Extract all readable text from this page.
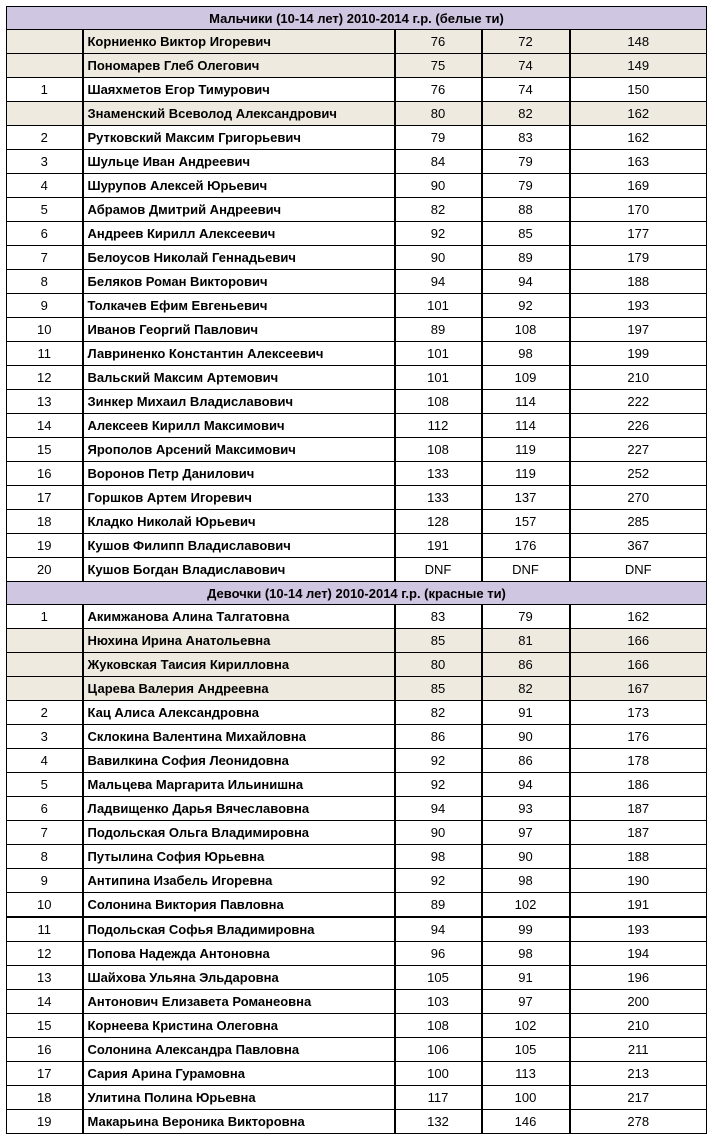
Мальчики (10-14 лет) 2010-2014 г.р. (белые ти)				
	Корниенко Виктор Игоревич	76	72	148
	Пономарев Глеб Олегович	75	74	149
1	Шаяхметов Егор Тимурович	76	74	150
	Знаменский Всеволод Александрович	80	82	162
2	Рутковский Максим Григорьевич	79	83	162
3	Шульце Иван Андреевич	84	79	163
4	Шурупов Алексей Юрьевич	90	79	169
5	Абрамов Дмитрий Андреевич	82	88	170
6	Андреев Кирилл Алексеевич	92	85	177
7	Белоусов Николай Геннадьевич	90	89	179
8	Беляков Роман Викторович	94	94	188
9	Толкачев Ефим Евгеньевич	101	92	193
10	Иванов Георгий Павлович	89	108	197
11	Лавриненко Константин Алексеевич	101	98	199
12	Вальский Максим Артемович	101	109	210
13	Зинкер Михаил Владиславович	108	114	222
14	Алексеев Кирилл Максимович	112	114	226
15	Ярополов Арсений Максимович	108	119	227
16	Воронов Петр Данилович	133	119	252
17	Горшков Артем Игоревич	133	137	270
18	Кладко Николай Юрьевич	128	157	285
19	Кушов Филипп Владиславович	191	176	367
20	Кушов Богдан Владиславович	DNF	DNF	DNF
Девочки (10-14 лет) 2010-2014 г.р. (красные ти)				
1	Акимжанова Алина Талгатовна	83	79	162
	Нюхина Ирина Анатольевна	85	81	166
	Жуковская Таисия Кирилловна	80	86	166
	Царева Валерия Андреевна	85	82	167
2	Кац Алиса Александровна	82	91	173
3	Склокина Валентина Михайловна	86	90	176
4	Вавилкина София Леонидовна	92	86	178
5	Мальцева Маргарита Ильинишна	92	94	186
6	Ладвищенко Дарья Вячеславовна	94	93	187
7	Подольская Ольга Владимировна	90	97	187
8	Путылина София Юрьевна	98	90	188
9	Антипина Изабель Игоревна	92	98	190
10	Солонина Виктория Павловна	89	102	191
11	Подольская Софья Владимировна	94	99	193
12	Попова Надежда Антоновна	96	98	194
13	Шайхова Ульяна Эльдаровна	105	91	196
14	Антонович Елизавета Романеовна	103	97	200
15	Корнеева Кристина Олеговна	108	102	210
16	Солонина Александра Павловна	106	105	211
17	Сария Арина Гурамовна	100	113	213
18	Улитина Полина Юрьевна	117	100	217
19	Макарьина Вероника Викторовна	132	146	278
